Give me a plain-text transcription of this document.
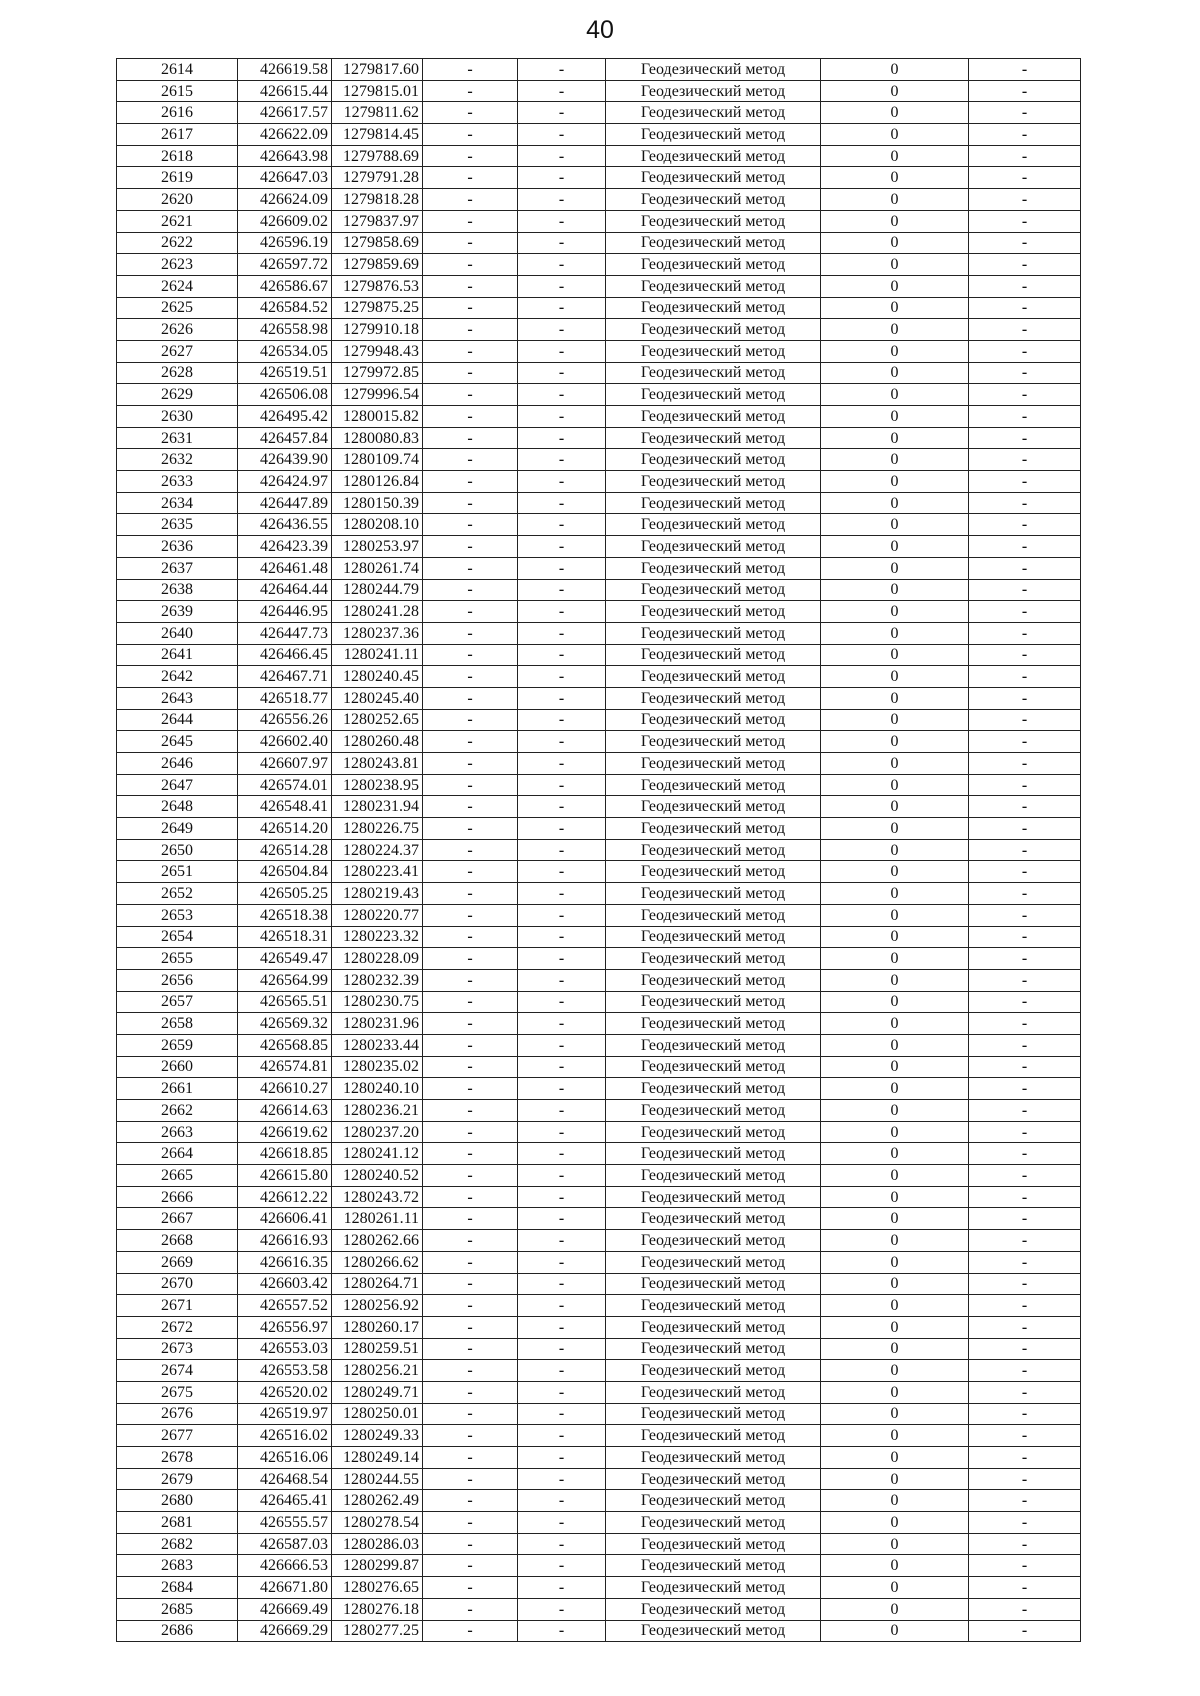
40
2614	426619.58	1279817.60	-	-	Геодезический метод	0	-
2615	426615.44	1279815.01	-	-	Геодезический метод	0	-
2616	426617.57	1279811.62	-	-	Геодезический метод	0	-
2617	426622.09	1279814.45	-	-	Геодезический метод	0	-
2618	426643.98	1279788.69	-	-	Геодезический метод	0	-
2619	426647.03	1279791.28	-	-	Геодезический метод	0	-
2620	426624.09	1279818.28	-	-	Геодезический метод	0	-
2621	426609.02	1279837.97	-	-	Геодезический метод	0	-
2622	426596.19	1279858.69	-	-	Геодезический метод	0	-
2623	426597.72	1279859.69	-	-	Геодезический метод	0	-
2624	426586.67	1279876.53	-	-	Геодезический метод	0	-
2625	426584.52	1279875.25	-	-	Геодезический метод	0	-
2626	426558.98	1279910.18	-	-	Геодезический метод	0	-
2627	426534.05	1279948.43	-	-	Геодезический метод	0	-
2628	426519.51	1279972.85	-	-	Геодезический метод	0	-
2629	426506.08	1279996.54	-	-	Геодезический метод	0	-
2630	426495.42	1280015.82	-	-	Геодезический метод	0	-
2631	426457.84	1280080.83	-	-	Геодезический метод	0	-
2632	426439.90	1280109.74	-	-	Геодезический метод	0	-
2633	426424.97	1280126.84	-	-	Геодезический метод	0	-
2634	426447.89	1280150.39	-	-	Геодезический метод	0	-
2635	426436.55	1280208.10	-	-	Геодезический метод	0	-
2636	426423.39	1280253.97	-	-	Геодезический метод	0	-
2637	426461.48	1280261.74	-	-	Геодезический метод	0	-
2638	426464.44	1280244.79	-	-	Геодезический метод	0	-
2639	426446.95	1280241.28	-	-	Геодезический метод	0	-
2640	426447.73	1280237.36	-	-	Геодезический метод	0	-
2641	426466.45	1280241.11	-	-	Геодезический метод	0	-
2642	426467.71	1280240.45	-	-	Геодезический метод	0	-
2643	426518.77	1280245.40	-	-	Геодезический метод	0	-
2644	426556.26	1280252.65	-	-	Геодезический метод	0	-
2645	426602.40	1280260.48	-	-	Геодезический метод	0	-
2646	426607.97	1280243.81	-	-	Геодезический метод	0	-
2647	426574.01	1280238.95	-	-	Геодезический метод	0	-
2648	426548.41	1280231.94	-	-	Геодезический метод	0	-
2649	426514.20	1280226.75	-	-	Геодезический метод	0	-
2650	426514.28	1280224.37	-	-	Геодезический метод	0	-
2651	426504.84	1280223.41	-	-	Геодезический метод	0	-
2652	426505.25	1280219.43	-	-	Геодезический метод	0	-
2653	426518.38	1280220.77	-	-	Геодезический метод	0	-
2654	426518.31	1280223.32	-	-	Геодезический метод	0	-
2655	426549.47	1280228.09	-	-	Геодезический метод	0	-
2656	426564.99	1280232.39	-	-	Геодезический метод	0	-
2657	426565.51	1280230.75	-	-	Геодезический метод	0	-
2658	426569.32	1280231.96	-	-	Геодезический метод	0	-
2659	426568.85	1280233.44	-	-	Геодезический метод	0	-
2660	426574.81	1280235.02	-	-	Геодезический метод	0	-
2661	426610.27	1280240.10	-	-	Геодезический метод	0	-
2662	426614.63	1280236.21	-	-	Геодезический метод	0	-
2663	426619.62	1280237.20	-	-	Геодезический метод	0	-
2664	426618.85	1280241.12	-	-	Геодезический метод	0	-
2665	426615.80	1280240.52	-	-	Геодезический метод	0	-
2666	426612.22	1280243.72	-	-	Геодезический метод	0	-
2667	426606.41	1280261.11	-	-	Геодезический метод	0	-
2668	426616.93	1280262.66	-	-	Геодезический метод	0	-
2669	426616.35	1280266.62	-	-	Геодезический метод	0	-
2670	426603.42	1280264.71	-	-	Геодезический метод	0	-
2671	426557.52	1280256.92	-	-	Геодезический метод	0	-
2672	426556.97	1280260.17	-	-	Геодезический метод	0	-
2673	426553.03	1280259.51	-	-	Геодезический метод	0	-
2674	426553.58	1280256.21	-	-	Геодезический метод	0	-
2675	426520.02	1280249.71	-	-	Геодезический метод	0	-
2676	426519.97	1280250.01	-	-	Геодезический метод	0	-
2677	426516.02	1280249.33	-	-	Геодезический метод	0	-
2678	426516.06	1280249.14	-	-	Геодезический метод	0	-
2679	426468.54	1280244.55	-	-	Геодезический метод	0	-
2680	426465.41	1280262.49	-	-	Геодезический метод	0	-
2681	426555.57	1280278.54	-	-	Геодезический метод	0	-
2682	426587.03	1280286.03	-	-	Геодезический метод	0	-
2683	426666.53	1280299.87	-	-	Геодезический метод	0	-
2684	426671.80	1280276.65	-	-	Геодезический метод	0	-
2685	426669.49	1280276.18	-	-	Геодезический метод	0	-
2686	426669.29	1280277.25	-	-	Геодезический метод	0	-
